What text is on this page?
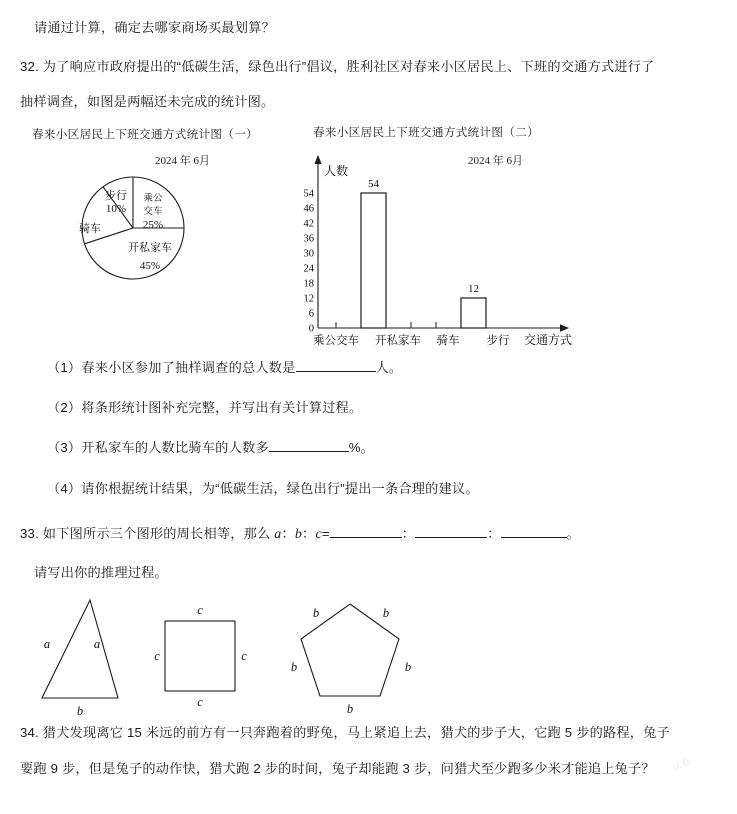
请通过计算，确定去哪家商场买最划算？
32. 为了响应市政府提出的“低碳生活，绿色出行”倡议，胜利社区对春来小区居民上、下班的交通方式进行了
抽样调查，如图是两幅还未完成的统计图。
春来小区居民上下班交通方式统计图（一）
2024 年 6月
步行
10%
乘公
交车
25%
骑车
开私家车
45%
春来小区居民上下班交通方式统计图（二）
2024 年 6月
人数
0
6
12
18
24
30
36
42
46
54
54
12
乘公交车 开私家车 骑车 步行 交通方式
（1）春来小区参加了抽样调查的总人数是	人。
（2）将条形统计图补充完整，并写出有关计算过程。
（3）开私家车的人数比骑车的人数多	%。
（4）请你根据统计结果，为“低碳生活，绿色出行”提出一条合理的建议。
33. 如下图所示三个图形的周长相等，那么 a：b：c=	：	：	。
请写出你的推理过程。
a	a
b
c
c	c
c
b	b
b	b
b
34. 猎犬发现离它 15 米远的前方有一只奔跑着的野兔，马上紧追上去，猎犬的步子大，它跑 5 步的路程，兔子
要跑 9 步，但是兔子的动作快，猎犬跑 2 步的时间，兔子却能跑 3 步，问猎犬至少跑多少米才能追上兔子？	试卷
